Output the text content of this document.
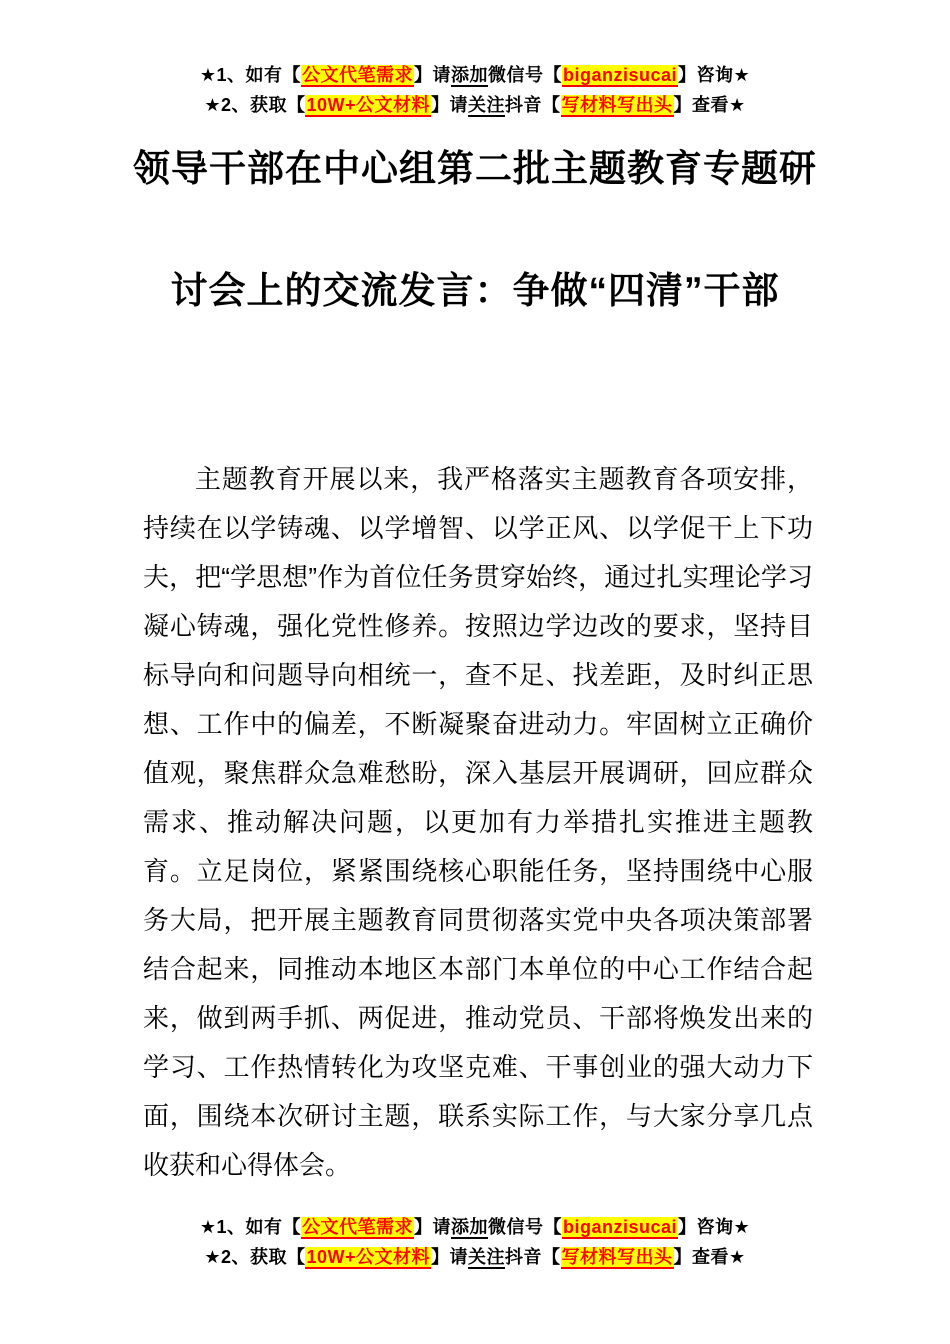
★1、如有【公文代笔需求】请添加微信号【biganzisucai】咨询★
★2、获取【10W+公文材料】请关注抖音【写材料写出头】查看★
领导干部在中心组第二批主题教育专题研
讨会上的交流发言：争做“四清”干部

主题教育开展以来，我严格落实主题教育各项安排，持续在以学铸魂、以学增智、以学正风、以学促干上下功夫，把“学思想”作为首位任务贯穿始终，通过扎实理论学习凝心铸魂，强化党性修养。按照边学边改的要求，坚持目标导向和问题导向相统一，查不足、找差距，及时纠正思想、工作中的偏差，不断凝聚奋进动力。牢固树立正确价值观，聚焦群众急难愁盼，深入基层开展调研，回应群众需求、推动解决问题，以更加有力举措扎实推进主题教育。立足岗位，紧紧围绕核心职能任务，坚持围绕中心服务大局，把开展主题教育同贯彻落实党中央各项决策部署结合起来，同推动本地区本部门本单位的中心工作结合起来，做到两手抓、两促进，推动党员、干部将焕发出来的学习、工作热情转化为攻坚克难、干事创业的强大动力下面，围绕本次研讨主题，联系实际工作，与大家分享几点收获和心得体会。

★1、如有【公文代笔需求】请添加微信号【biganzisucai】咨询★
★2、获取【10W+公文材料】请关注抖音【写材料写出头】查看★
